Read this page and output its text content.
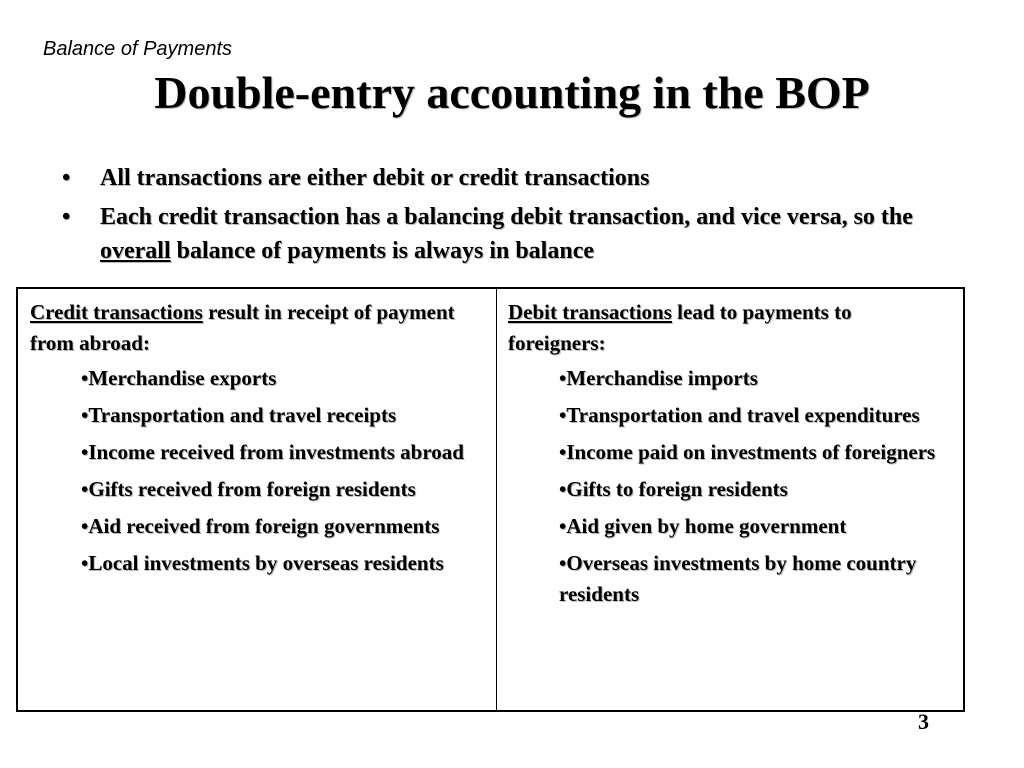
Balance of Payments
Double-entry accounting in the BOP
• All transactions are either debit or credit transactions
• Each credit transaction has a balancing debit transaction, and vice versa, so the overall balance of payments is always in balance

Credit transactions result in receipt of payment from abroad:

•Merchandise exports
•Transportation and travel receipts
•Income received from investments abroad
•Gifts received from foreign residents
•Aid received from foreign governments
•Local investments by overseas residents

Debit transactions lead to payments to foreigners:

•Merchandise imports
•Transportation and travel expenditures
•Income paid on investments of foreigners
•Gifts to foreign residents
•Aid given by home government
•Overseas investments by home country residents
3
